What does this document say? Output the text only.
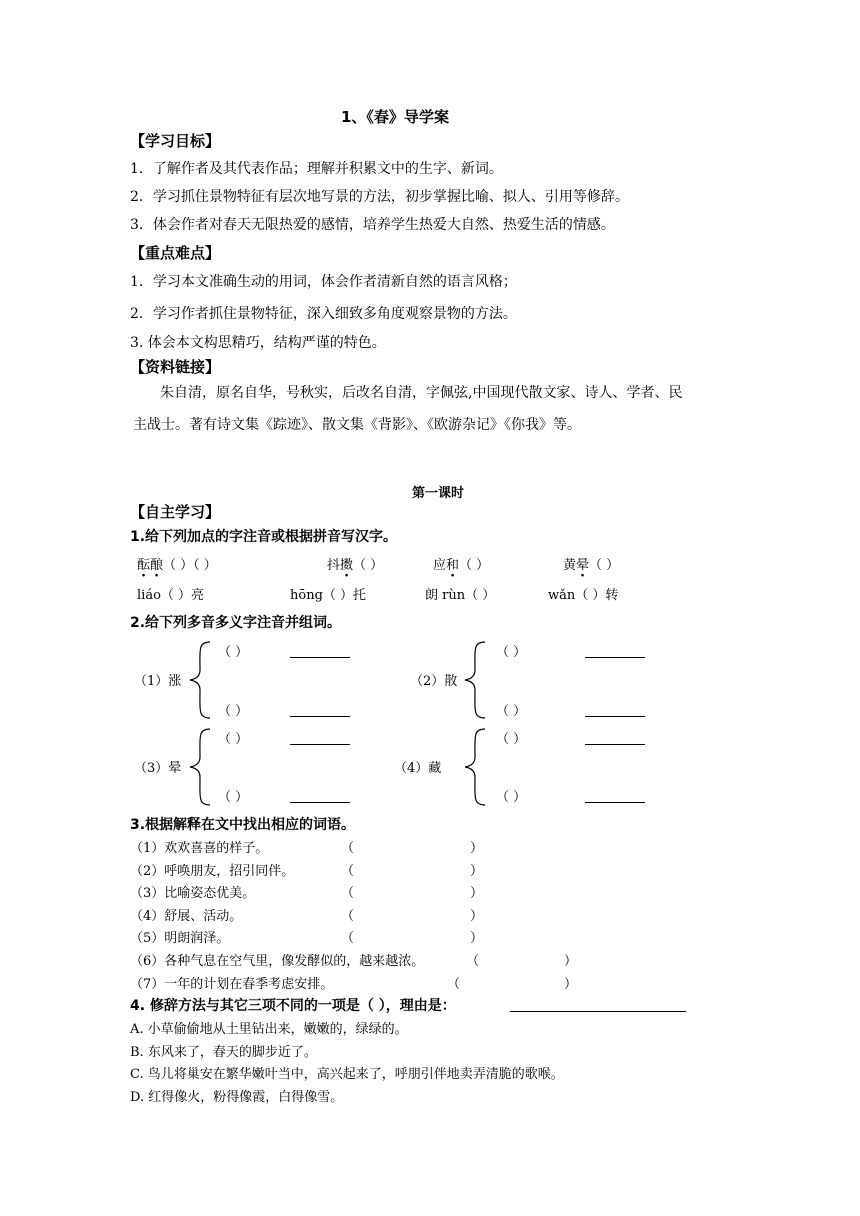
1、《春》导学案
【学习目标】
1．了解作者及其代表作品；理解并积累文中的生字、新词。
2．学习抓住景物特征有层次地写景的方法，初步掌握比喻、拟人、引用等修辞。
3．体会作者对春天无限热爱的感情，培养学生热爱大自然、热爱生活的情感。
【重点难点】
1．学习本文准确生动的用词，体会作者清新自然的语言风格；
2．学习作者抓住景物特征，深入细致多角度观察景物的方法。
3. 体会本文构思精巧，结构严谨的特色。
【资料链接】
朱自清，原名自华，号秋实，后改名自清，字佩弦,中国现代散文家、诗人、学者、民
主战士。著有诗文集《踪迹》、散文集《背影》、《欧游杂记》《你我》等。
第一课时
【自主学习】
1.给下列加点的字注音或根据拼音写汉字。
酝酿（ ）（ ）	抖擞（ ）	应和（ ）	黄晕（ ）
liáo（ ）亮	hōng（ ）托	朗 rùn（ ）	wǎn（ ）转
2.给下列多音多义字注音并组词。
（1）涨
（ ）
（ ）
（2）散
（ ）
（ ）
（3）晕
（ ）
（ ）
（4）藏
（ ）
（ ）
3.根据解释在文中找出相应的词语。
（1）欢欢喜喜的样子。	（	）
（2）呼唤朋友，招引同伴。	（	）
（3）比喻姿态优美。	（	）
（4）舒展、活动。	（	）
（5）明朗润泽。	（	）
（6）各种气息在空气里，像发酵似的，越来越浓。	（	）
（7）一年的计划在春季考虑安排。	（	）
4. 修辞方法与其它三项不同的一项是（ ），理由是：
A. 小草偷偷地从土里钻出来，嫩嫩的，绿绿的。
B. 东风来了，春天的脚步近了。
C. 鸟儿将巢安在繁华嫩叶当中，高兴起来了，呼朋引伴地卖弄清脆的歌喉。
D. 红得像火，粉得像霞，白得像雪。
